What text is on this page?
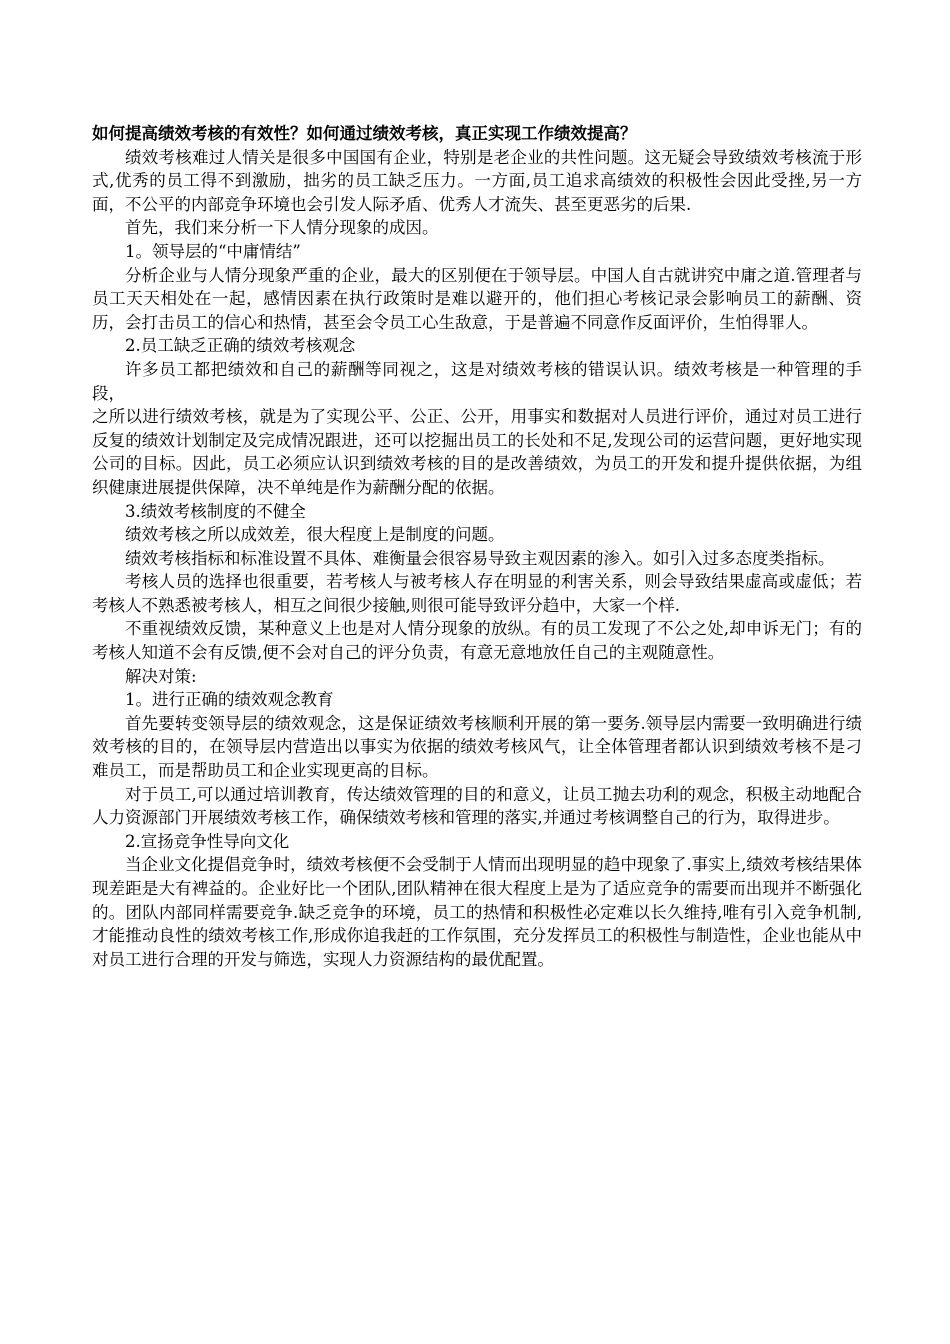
如何提高绩效考核的有效性？如何通过绩效考核，真正实现工作绩效提高？

绩效考核难过人情关是很多中国国有企业，特别是老企业的共性问题。这无疑会导致绩效考核流于形式,优秀的员工得不到激励，拙劣的员工缺乏压力。一方面,员工追求高绩效的积极性会因此受挫,另一方面，不公平的内部竞争环境也会引发人际矛盾、优秀人才流失、甚至更恶劣的后果.

首先，我们来分析一下人情分现象的成因。

1。领导层的“中庸情结”

分析企业与人情分现象严重的企业，最大的区别便在于领导层。中国人自古就讲究中庸之道.管理者与员工天天相处在一起，感情因素在执行政策时是难以避开的，他们担心考核记录会影响员工的薪酬、资历，会打击员工的信心和热情，甚至会令员工心生敌意，于是普遍不同意作反面评价，生怕得罪人。

2.员工缺乏正确的绩效考核观念

许多员工都把绩效和自己的薪酬等同视之，这是对绩效考核的错误认识。绩效考核是一种管理的手段，

之所以进行绩效考核，就是为了实现公平、公正、公开，用事实和数据对人员进行评价，通过对员工进行反复的绩效计划制定及完成情况跟进，还可以挖掘出员工的长处和不足,发现公司的运营问题，更好地实现公司的目标。因此，员工必须应认识到绩效考核的目的是改善绩效，为员工的开发和提升提供依据，为组织健康进展提供保障，决不单纯是作为薪酬分配的依据。

3.绩效考核制度的不健全

绩效考核之所以成效差，很大程度上是制度的问题。

绩效考核指标和标准设置不具体、难衡量会很容易导致主观因素的渗入。如引入过多态度类指标。

考核人员的选择也很重要，若考核人与被考核人存在明显的利害关系，则会导致结果虚高或虚低；若考核人不熟悉被考核人，相互之间很少接触,则很可能导致评分趋中，大家一个样.

不重视绩效反馈，某种意义上也是对人情分现象的放纵。有的员工发现了不公之处,却申诉无门；有的考核人知道不会有反馈,便不会对自己的评分负责，有意无意地放任自己的主观随意性。

解决对策:

1。进行正确的绩效观念教育

首先要转变领导层的绩效观念，这是保证绩效考核顺利开展的第一要务.领导层内需要一致明确进行绩效考核的目的，在领导层内营造出以事实为依据的绩效考核风气，让全体管理者都认识到绩效考核不是刁难员工，而是帮助员工和企业实现更高的目标。

对于员工,可以通过培训教育，传达绩效管理的目的和意义，让员工抛去功利的观念，积极主动地配合人力资源部门开展绩效考核工作，确保绩效考核和管理的落实,并通过考核调整自己的行为，取得进步。

2.宣扬竞争性导向文化

当企业文化提倡竞争时，绩效考核便不会受制于人情而出现明显的趋中现象了.事实上,绩效考核结果体现差距是大有裨益的。企业好比一个团队,团队精神在很大程度上是为了适应竞争的需要而出现并不断强化的。团队内部同样需要竞争.缺乏竞争的环境，员工的热情和积极性必定难以长久维持,唯有引入竞争机制,才能推动良性的绩效考核工作,形成你追我赶的工作氛围，充分发挥员工的积极性与制造性，企业也能从中对员工进行合理的开发与筛选，实现人力资源结构的最优配置。
